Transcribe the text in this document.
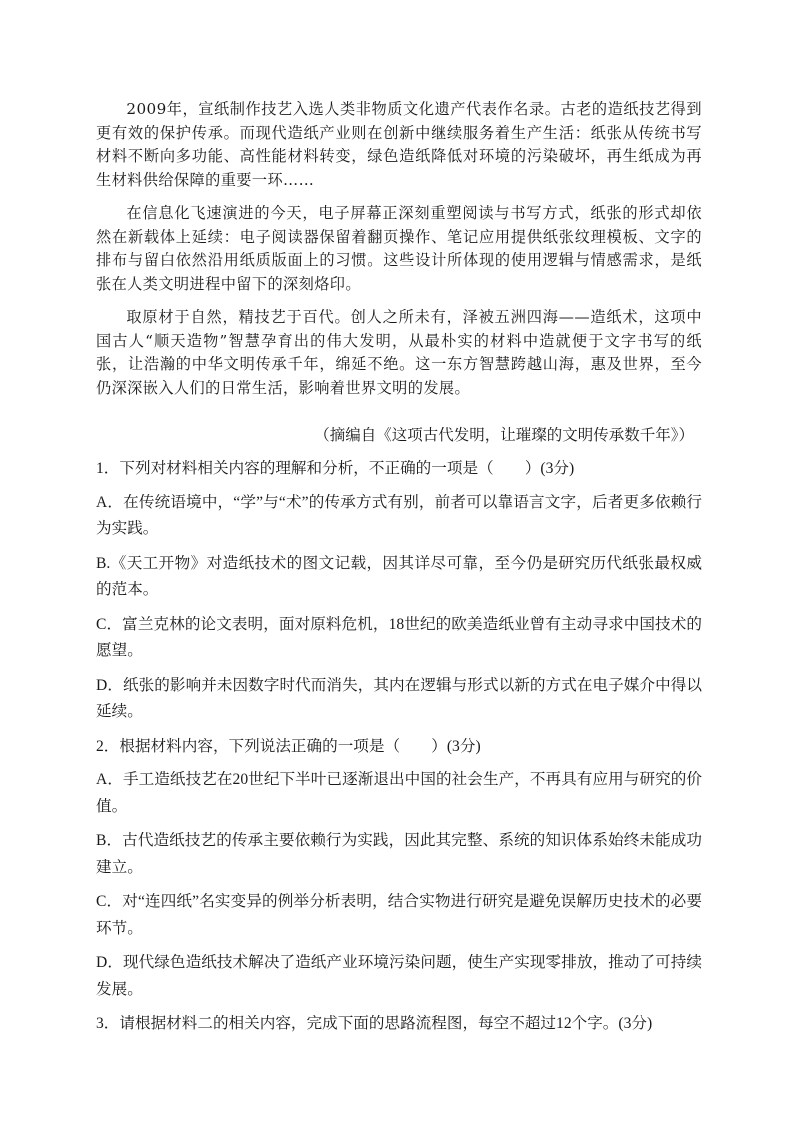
2009年，宣纸制作技艺入选人类非物质文化遗产代表作名录。古老的造纸技艺得到更有效的保护传承。而现代造纸产业则在创新中继续服务着生产生活：纸张从传统书写材料不断向多功能、高性能材料转变，绿色造纸降低对环境的污染破坏，再生纸成为再生材料供给保障的重要一环……

在信息化飞速演进的今天，电子屏幕正深刻重塑阅读与书写方式，纸张的形式却依然在新载体上延续：电子阅读器保留着翻页操作、笔记应用提供纸张纹理模板、文字的排布与留白依然沿用纸质版面上的习惯。这些设计所体现的使用逻辑与情感需求，是纸张在人类文明进程中留下的深刻烙印。

取原材于自然，精技艺于百代。创人之所未有，泽被五洲四海——造纸术，这项中国古人“顺天造物”智慧孕育出的伟大发明，从最朴实的材料中造就便于文字书写的纸张，让浩瀚的中华文明传承千年，绵延不绝。这一东方智慧跨越山海，惠及世界，至今仍深深嵌入人们的日常生活，影响着世界文明的发展。

（摘编自《这项古代发明，让璀璨的文明传承数千年》）

1．下列对材料相关内容的理解和分析，不正确的一项是（　　）(3分)

A．在传统语境中，“学”与“术”的传承方式有别，前者可以靠语言文字，后者更多依赖行为实践。

B.《天工开物》对造纸技术的图文记载，因其详尽可靠，至今仍是研究历代纸张最权威的范本。

C．富兰克林的论文表明，面对原料危机，18世纪的欧美造纸业曾有主动寻求中国技术的愿望。

D．纸张的影响并未因数字时代而消失，其内在逻辑与形式以新的方式在电子媒介中得以延续。

2．根据材料内容，下列说法正确的一项是（　　）(3分)

A．手工造纸技艺在20世纪下半叶已逐渐退出中国的社会生产，不再具有应用与研究的价值。

B．古代造纸技艺的传承主要依赖行为实践，因此其完整、系统的知识体系始终未能成功建立。

C．对“连四纸”名实变异的例举分析表明，结合实物进行研究是避免误解历史技术的必要环节。

D．现代绿色造纸技术解决了造纸产业环境污染问题，使生产实现零排放，推动了可持续发展。

3．请根据材料二的相关内容，完成下面的思路流程图，每空不超过12个字。(3分)
